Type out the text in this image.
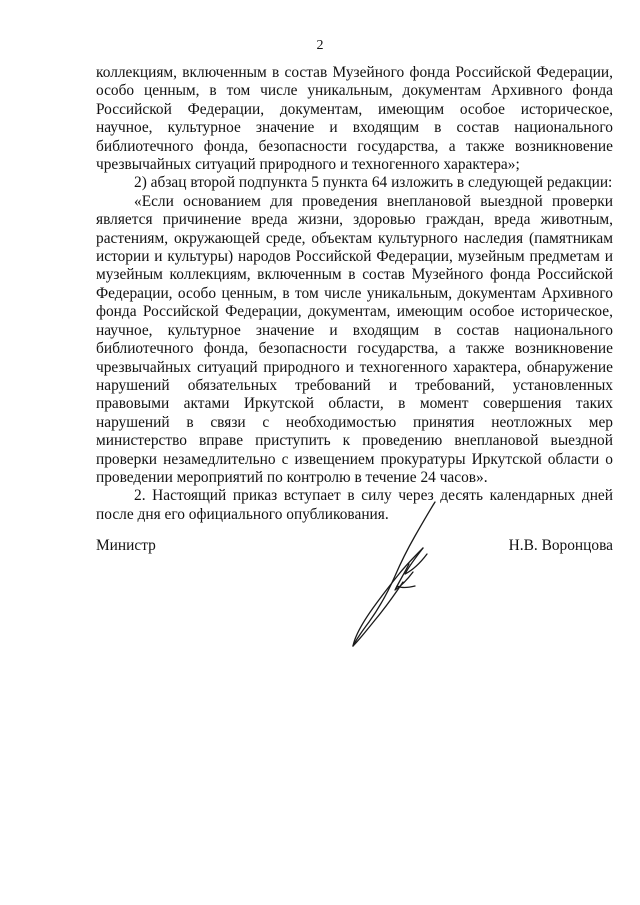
2

коллекциям, включенным в состав Музейного фонда Российской Федерации, особо ценным, в том числе уникальным, документам Архивного фонда Российской Федерации, документам, имеющим особое историческое, научное, культурное значение и входящим в состав национального библиотечного фонда, безопасности государства, а также возникновение чрезвычайных ситуаций природного и техногенного характера»;

2) абзац второй подпункта 5 пункта 64 изложить в следующей редакции:

«Если основанием для проведения внеплановой выездной проверки является причинение вреда жизни, здоровью граждан, вреда животным, растениям, окружающей среде, объектам культурного наследия (памятникам истории и культуры) народов Российской Федерации, музейным предметам и музейным коллекциям, включенным в состав Музейного фонда Российской Федерации, особо ценным, в том числе уникальным, документам Архивного фонда Российской Федерации, документам, имеющим особое историческое, научное, культурное значение и входящим в состав национального библиотечного фонда, безопасности государства, а также возникновение чрезвычайных ситуаций природного и техногенного характера, обнаружение нарушений обязательных требований и требований, установленных правовыми актами Иркутской области, в момент совершения таких нарушений в связи с необходимостью принятия неотложных мер министерство вправе приступить к проведению внеплановой выездной проверки незамедлительно с извещением прокуратуры Иркутской области о проведении мероприятий по контролю в течение 24 часов».

2. Настоящий приказ вступает в силу через десять календарных дней после дня его официального опубликования.

Министр	Н.В. Воронцова
